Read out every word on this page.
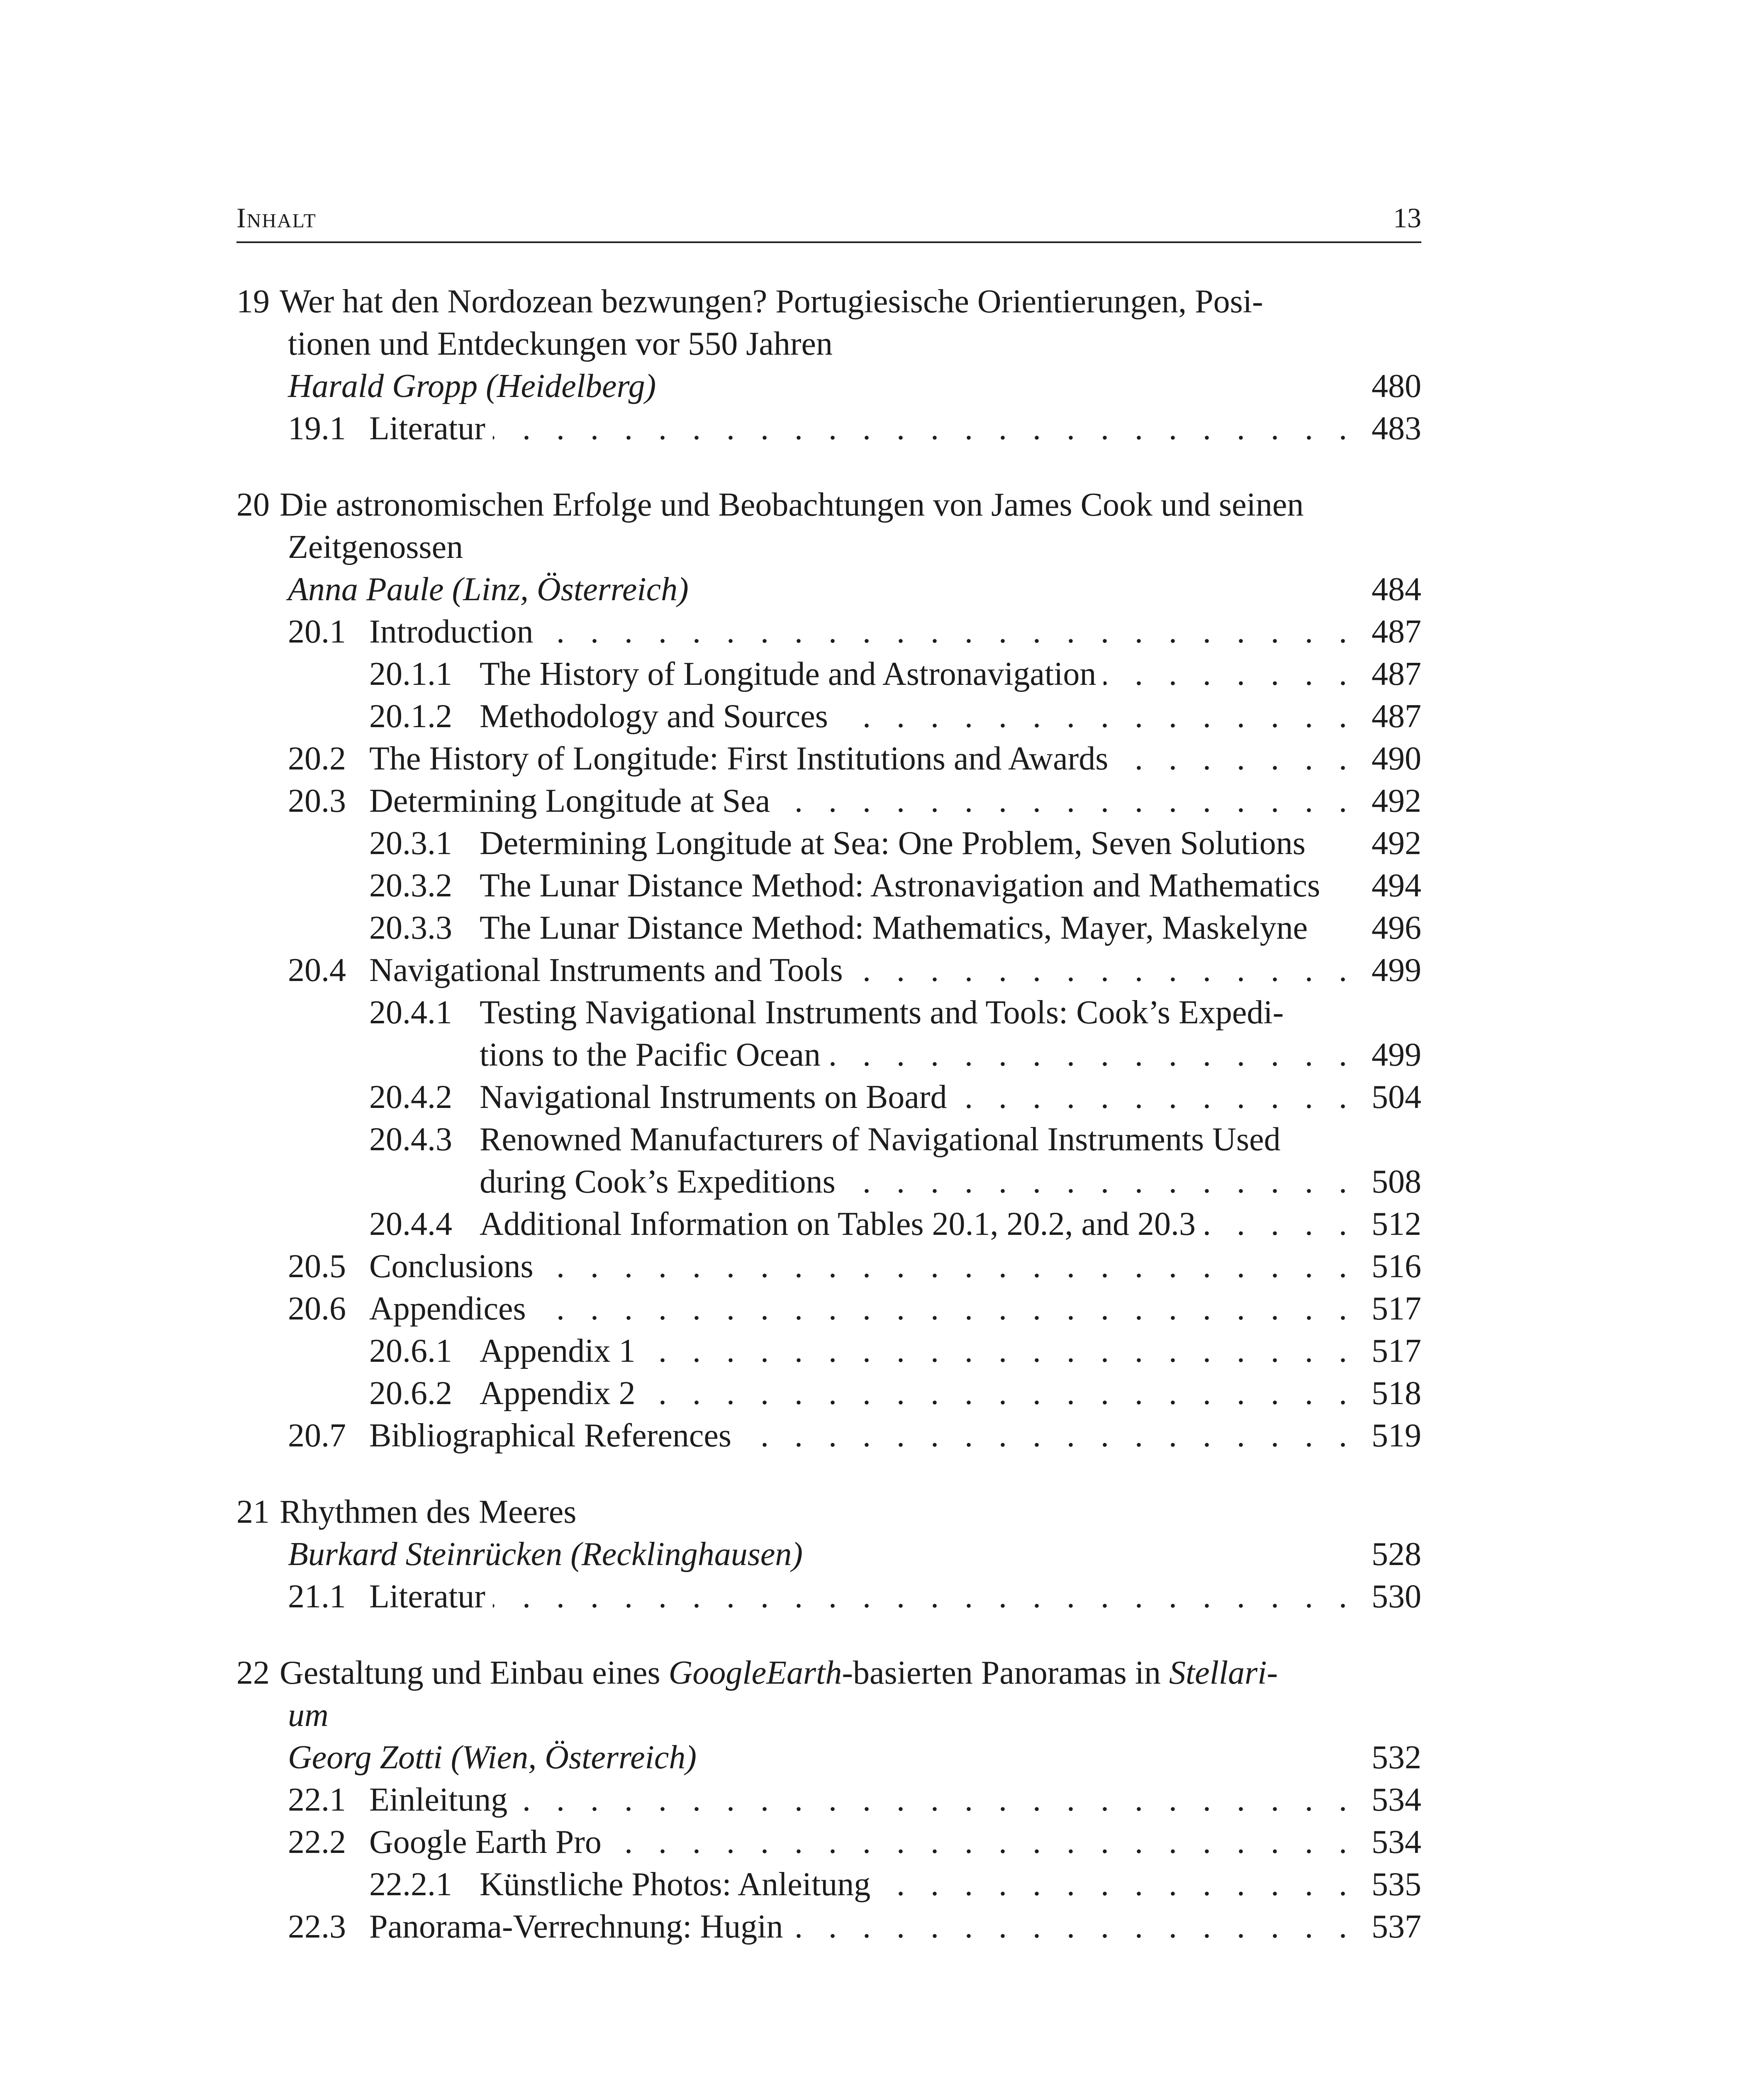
Inhalt	13
19 Wer hat den Nordozean bezwungen? Portugiesische Orientierungen, Posi-
tionen und Entdeckungen vor 550 Jahren
Harald Gropp (Heidelberg)	480
19.1 Literatur . . .	483
20 Die astronomischen Erfolge und Beobachtungen von James Cook und seinen
Zeitgenossen
Anna Paule (Linz, Österreich)	484
20.1 Introduction . . .	487
20.1.1 The History of Longitude and Astronavigation . . .	487
20.1.2 Methodology and Sources . . .	487
20.2 The History of Longitude: First Institutions and Awards . . .	490
20.3 Determining Longitude at Sea . . .	492
20.3.1 Determining Longitude at Sea: One Problem, Seven Solutions 492
20.3.2 The Lunar Distance Method: Astronavigation and Mathematics 494
20.3.3 The Lunar Distance Method: Mathematics, Mayer, Maskelyne 496
20.4 Navigational Instruments and Tools . . .	499
20.4.1 Testing Navigational Instruments and Tools: Cook’s Expedi-
tions to the Pacific Ocean . . .	499
20.4.2 Navigational Instruments on Board . . .	504
20.4.3 Renowned Manufacturers of Navigational Instruments Used
during Cook’s Expeditions . . .	508
20.4.4 Additional Information on Tables 20.1, 20.2, and 20.3 . . .	512
20.5 Conclusions . . .	516
20.6 Appendices . . .	517
20.6.1 Appendix 1 . . .	517
20.6.2 Appendix 2 . . .	518
20.7 Bibliographical References . . .	519
21 Rhythmen des Meeres
Burkard Steinrücken (Recklinghausen)	528
21.1 Literatur . . .	530
22 Gestaltung und Einbau eines GoogleEarth-basierten Panoramas in Stellari-
um
Georg Zotti (Wien, Österreich)	532
22.1 Einleitung . . .	534
22.2 Google Earth Pro . . .	534
22.2.1 Künstliche Photos: Anleitung . . .	535
22.3 Panorama-Verrechnung: Hugin . . .	537
